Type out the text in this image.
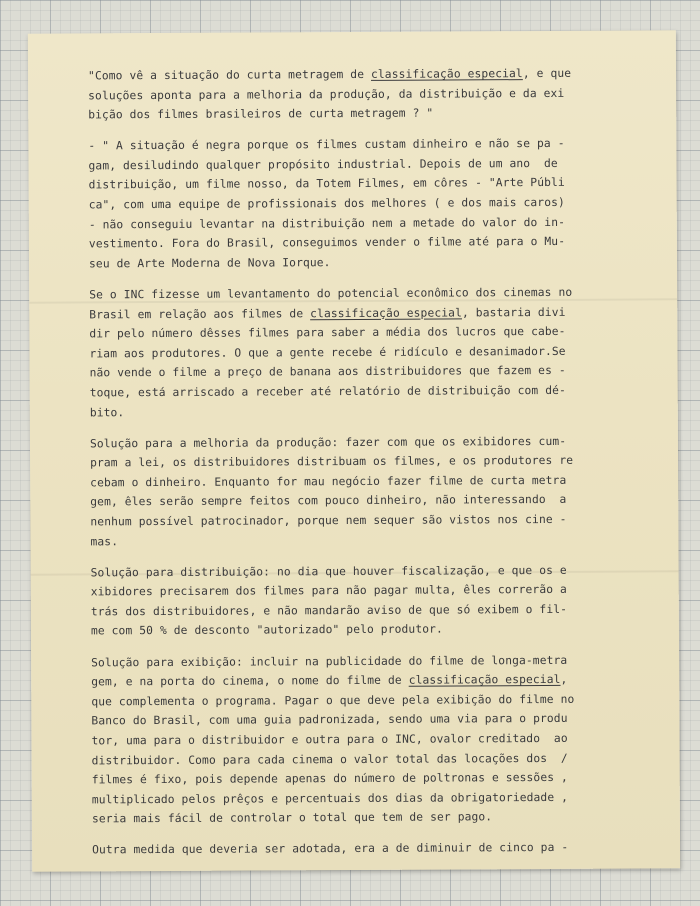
"Como vê a situação do curta metragem de classificação especial, e que
soluções aponta para a melhoria da produção, da distribuição e da exi
bição dos filmes brasileiros de curta metragem ? "
- " A situação é negra porque os filmes custam dinheiro e não se pa -
gam, desiludindo qualquer propósito industrial. Depois de um ano  de
distribuição, um filme nosso, da Totem Filmes, em côres - "Arte Públi
ca", com uma equipe de profissionais dos melhores ( e dos mais caros)
- não conseguiu levantar na distribuição nem a metade do valor do in-
vestimento. Fora do Brasil, conseguimos vender o filme até para o Mu-
seu de Arte Moderna de Nova Iorque.
Se o INC fizesse um levantamento do potencial econômico dos cinemas no
Brasil em relação aos filmes de classificação especial, bastaria divi
dir pelo número dêsses filmes para saber a média dos lucros que cabe-
riam aos produtores. O que a gente recebe é ridículo e desanimador.Se
não vende o filme a preço de banana aos distribuidores que fazem es -
toque, está arriscado a receber até relatório de distribuição com dé-
bito.
Solução para a melhoria da produção: fazer com que os exibidores cum-
pram a lei, os distribuidores distribuam os filmes, e os produtores re
cebam o dinheiro. Enquanto for mau negócio fazer filme de curta metra
gem, êles serão sempre feitos com pouco dinheiro, não interessando  a
nenhum possível patrocinador, porque nem sequer são vistos nos cine -
mas.
Solução para distribuição: no dia que houver fiscalização, e que os e
xibidores precisarem dos filmes para não pagar multa, êles correrão a
trás dos distribuidores, e não mandarão aviso de que só exibem o fil-
me com 50 % de desconto "autorizado" pelo produtor.
Solução para exibição: incluir na publicidade do filme de longa-metra
gem, e na porta do cinema, o nome do filme de classificação especial,
que complementa o programa. Pagar o que deve pela exibição do filme no
Banco do Brasil, com uma guia padronizada, sendo uma via para o produ
tor, uma para o distribuidor e outra para o INC, ovalor creditado  ao
distribuidor. Como para cada cinema o valor total das locações dos  /
filmes é fixo, pois depende apenas do número de poltronas e sessões ,
multiplicado pelos prêços e percentuais dos dias da obrigatoriedade ,
seria mais fácil de controlar o total que tem de ser pago.
Outra medida que deveria ser adotada, era a de diminuir de cinco pa -
